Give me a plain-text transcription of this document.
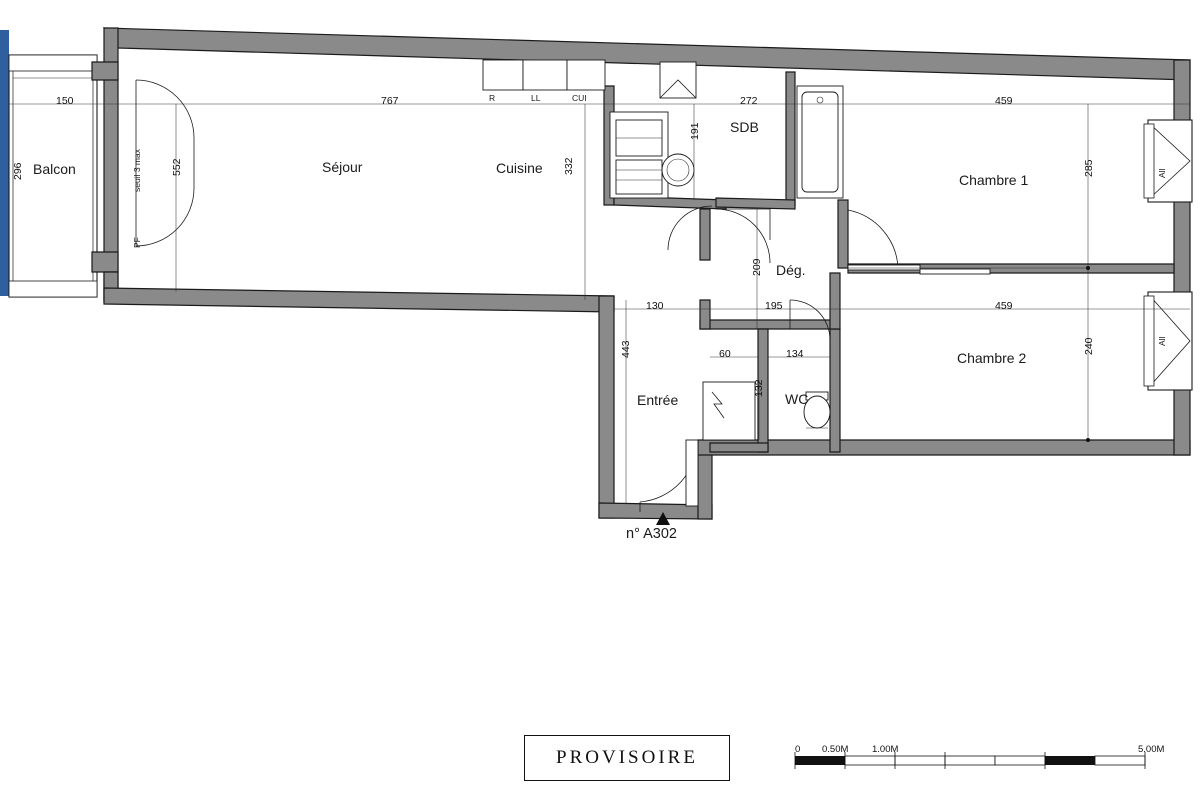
Balcon	Séjour	Cuisine
SDB
Chambre 1
Dég.
Chambre 2
Entrée	WC
150	767	272	459
130	195	459
60	134
296	552	332
191
285
209
443	240
132
R	LL	CUI
seuil 3 max
PF
All
All
n° A302
PROVISOIRE	0 0.50M 1.00M	5.00M
